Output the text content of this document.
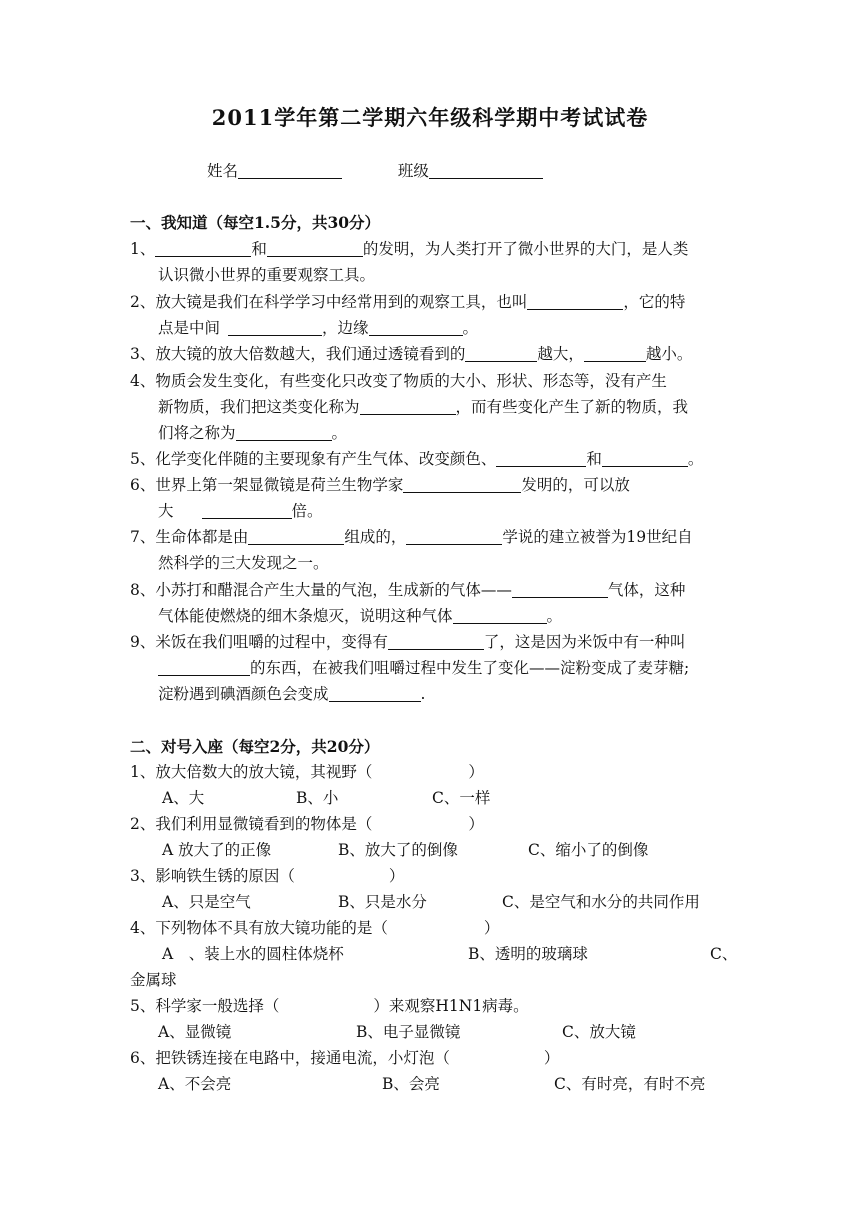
2011学年第二学期六年级科学期中考试试卷
姓名	班级
一、我知道（每空1.5分，共30分）
1、	和	的发明，为人类打开了微小世界的大门，是人类
认识微小世界的重要观察工具。
2、放大镜是我们在科学学习中经常用到的观察工具，也叫	，它的特
点是中间	，边缘	。
3、放大镜的放大倍数越大，我们通过透镜看到的	越大，	越小。
4、物质会发生变化，有些变化只改变了物质的大小、形状、形态等，没有产生
新物质，我们把这类变化称为	，而有些变化产生了新的物质，我
们将之称为	。
5、化学变化伴随的主要现象有产生气体、改变颜色、	和	。
6、世界上第一架显微镜是荷兰生物学家	发明的，可以放
大	倍。
7、生命体都是由	组成的，	学说的建立被誉为19世纪自
然科学的三大发现之一。
8、小苏打和醋混合产生大量的气泡，生成新的气体——	气体，这种
气体能使燃烧的细木条熄灭，说明这种气体	。
9、米饭在我们咀嚼的过程中，变得有	了，这是因为米饭中有一种叫
的东西，在被我们咀嚼过程中发生了变化——淀粉变成了麦芽糖;
淀粉遇到碘酒颜色会变成	.
二、对号入座（每空2分，共20分）
1、放大倍数大的放大镜，其视野（	）
A、大	B、小	C、一样
2、我们利用显微镜看到的物体是（	）
A 放大了的正像	B、放大了的倒像	C、缩小了的倒像
3、影响铁生锈的原因（	）
A、只是空气	B、只是水分	C、是空气和水分的共同作用
4、下列物体不具有放大镜功能的是（	）
A　、装上水的圆柱体烧杯	B、透明的玻璃球	C、
金属球
5、科学家一般选择（	）来观察H1N1病毒。
A、显微镜	B、电子显微镜	C、放大镜
6、把铁锈连接在电路中，接通电流，小灯泡（	）
A、不会亮	B、会亮	C、有时亮，有时不亮
